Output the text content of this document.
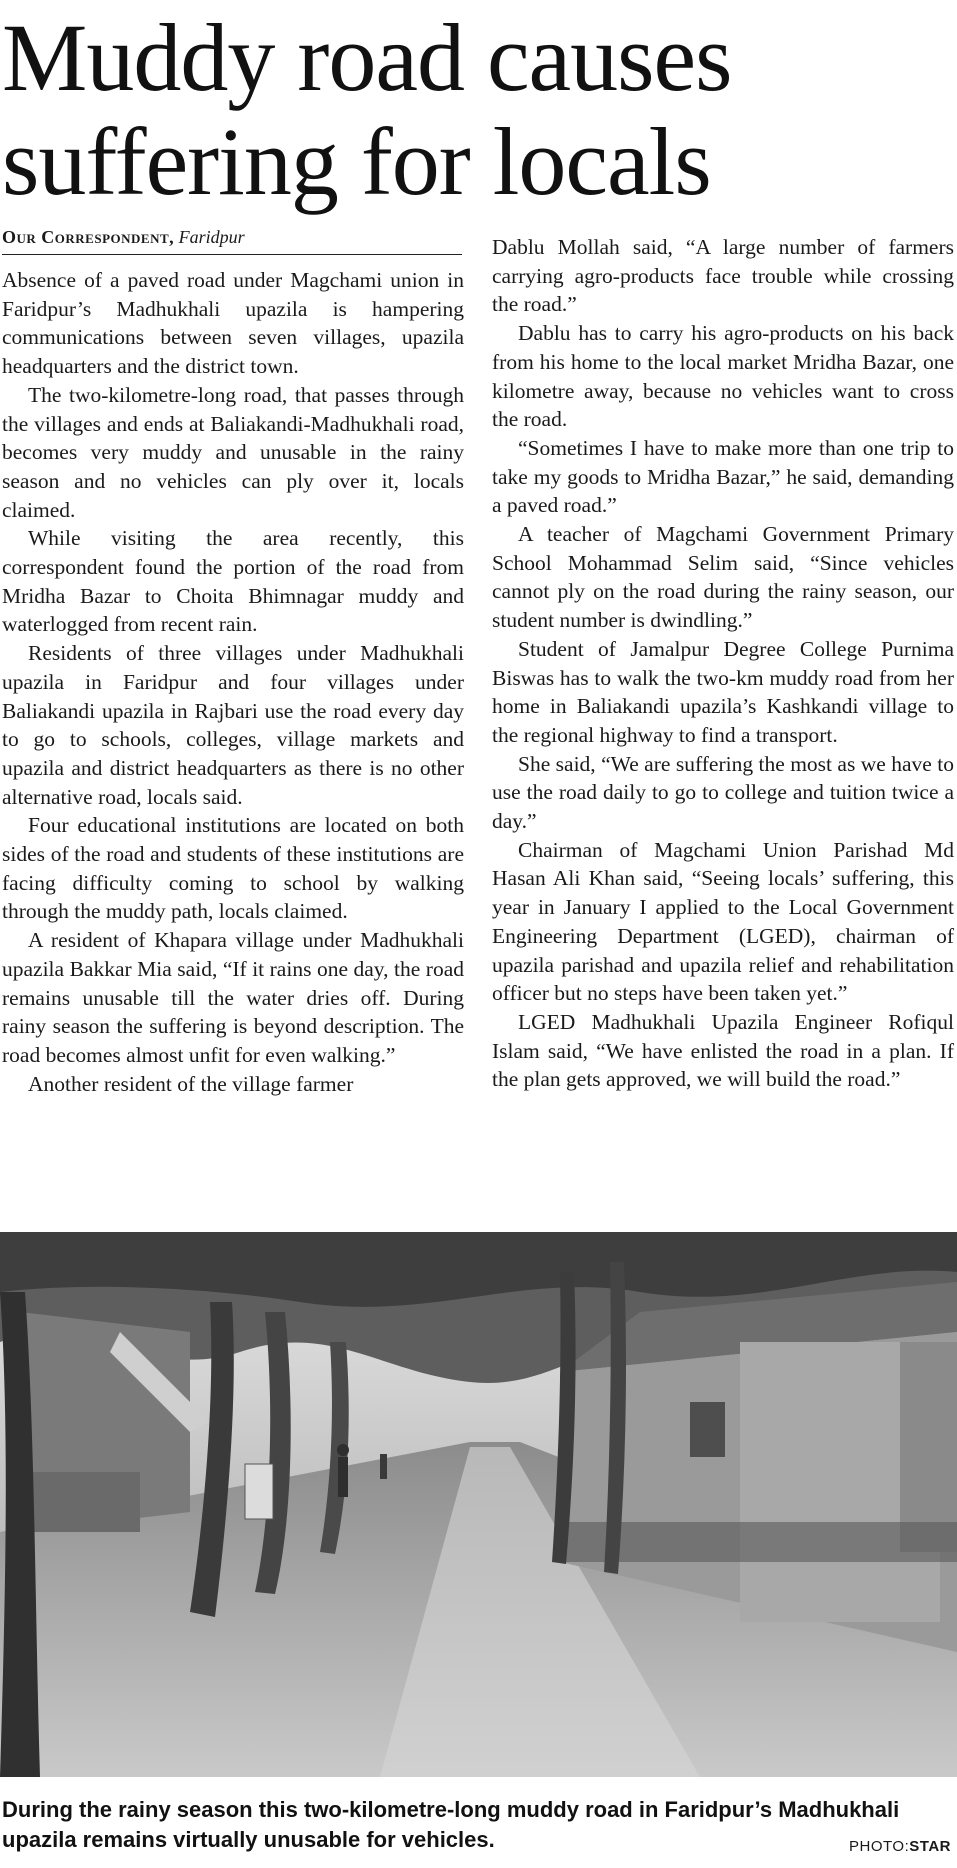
Muddy road causes suffering for locals
Our Correspondent, Faridpur

Absence of a paved road under Magchami union in Faridpur’s Madhukhali upazila is hampering communications between seven villages, upazila headquarters and the district town.

The two-kilometre-long road, that passes through the villages and ends at Baliakandi-Madhukhali road, becomes very muddy and unusable in the rainy season and no vehicles can ply over it, locals claimed.

While visiting the area recently, this correspondent found the portion of the road from Mridha Bazar to Choita Bhimnagar muddy and waterlogged from recent rain.

Residents of three villages under Madhukhali upazila in Faridpur and four villages under Baliakandi upazila in Rajbari use the road every day to go to schools, colleges, village markets and upazila and district headquarters as there is no other alternative road, locals said.

Four educational institutions are located on both sides of the road and students of these institutions are facing difficulty coming to school by walking through the muddy path, locals claimed.

A resident of Khapara village under Madhukhali upazila Bakkar Mia said, “If it rains one day, the road remains unusable till the water dries off. During rainy season the suffering is beyond description. The road becomes almost unfit for even walking.”

Another resident of the village farmer

Dablu Mollah said, “A large number of farmers carrying agro-products face trouble while crossing the road.”

Dablu has to carry his agro-products on his back from his home to the local market Mridha Bazar, one kilometre away, because no vehicles want to cross the road.

“Sometimes I have to make more than one trip to take my goods to Mridha Bazar,” he said, demanding a paved road.”

A teacher of Magchami Government Primary School Mohammad Selim said, “Since vehicles cannot ply on the road during the rainy season, our student number is dwindling.”

Student of Jamalpur Degree College Purnima Biswas has to walk the two-km muddy road from her home in Baliakandi upazila’s Kashkandi village to the regional highway to find a transport.

She said, “We are suffering the most as we have to use the road daily to go to college and tuition twice a day.”

Chairman of Magchami Union Parishad Md Hasan Ali Khan said, “Seeing locals’ suffering, this year in January I applied to the Local Government Engineering Department (LGED), chairman of upazila parishad and upazila relief and rehabilitation officer but no steps have been taken yet.”

LGED Madhukhali Upazila Engineer Rofiqul Islam said, “We have enlisted the road in a plan. If the plan gets approved, we will build the road.”

During the rainy season this two-kilometre-long muddy road in Faridpur’s Madhukhali upazila remains virtually unusable for vehicles.	PHOTO:STAR
